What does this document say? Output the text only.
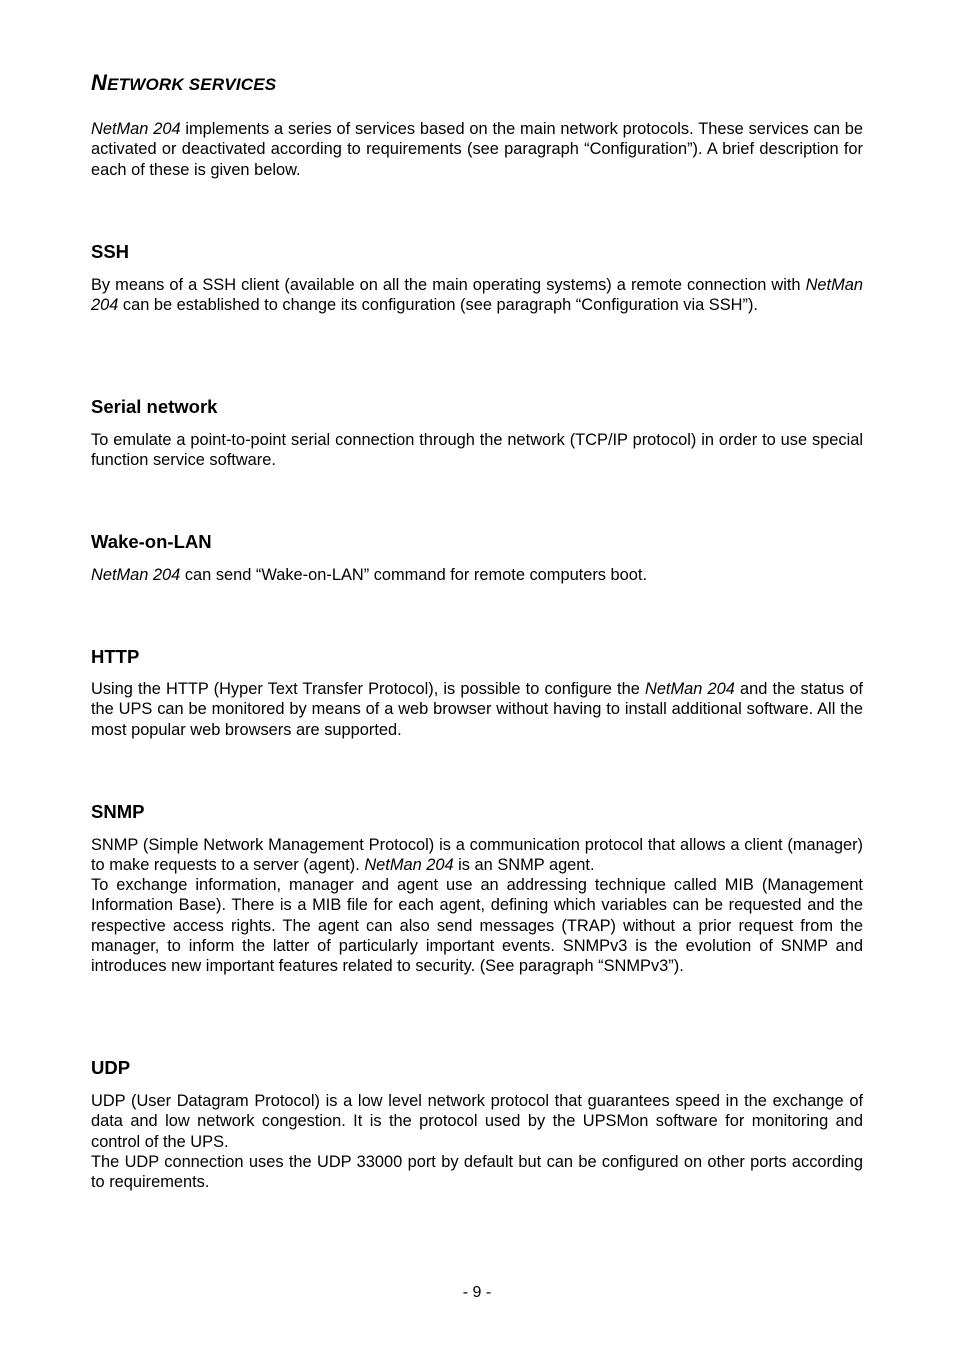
NETWORK SERVICES

NetMan 204 implements a series of services based on the main network protocols. These services can be activated or deactivated according to requirements (see paragraph “Configuration”). A brief description for each of these is given below.

SSH

By means of a SSH client (available on all the main operating systems) a remote connection with NetMan 204 can be established to change its configuration (see paragraph “Configuration via SSH”).

Serial network

To emulate a point-to-point serial connection through the network (TCP/IP protocol) in order to use special function service software.

Wake-on-LAN

NetMan 204 can send “Wake-on-LAN” command for remote computers boot.

HTTP

Using the HTTP (Hyper Text Transfer Protocol), is possible to configure the NetMan 204 and the status of the UPS can be monitored by means of a web browser without having to install additional software. All the most popular web browsers are supported.

SNMP

SNMP (Simple Network Management Protocol) is a communication protocol that allows a client (manager) to make requests to a server (agent). NetMan 204 is an SNMP agent.

To exchange information, manager and agent use an addressing technique called MIB (Management Information Base). There is a MIB file for each agent, defining which variables can be requested and the respective access rights. The agent can also send messages (TRAP) without a prior request from the manager, to inform the latter of particularly important events. SNMPv3 is the evolution of SNMP and introduces new important features related to security. (See paragraph “SNMPv3”).

UDP

UDP (User Datagram Protocol) is a low level network protocol that guarantees speed in the exchange of data and low network congestion. It is the protocol used by the UPSMon software for monitoring and control of the UPS.

The UDP connection uses the UDP 33000 port by default but can be configured on other ports according to requirements.

- 9 -
